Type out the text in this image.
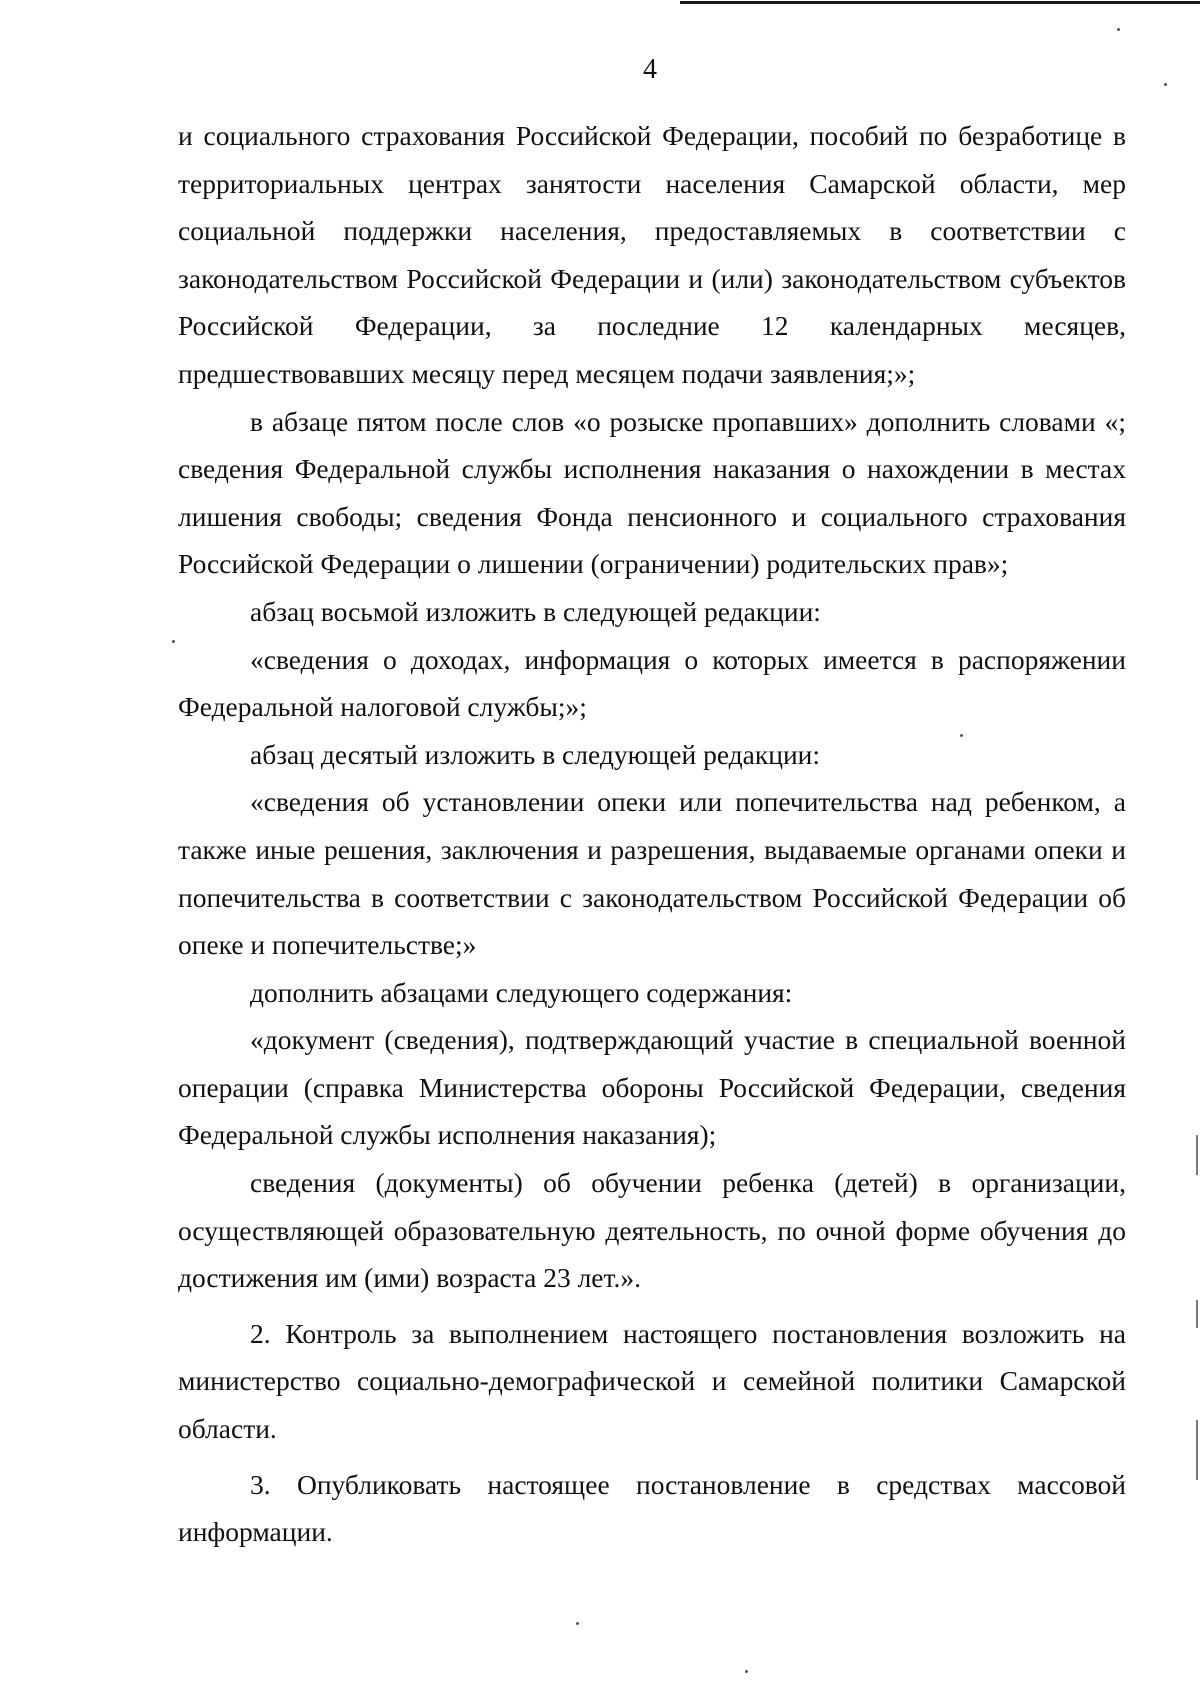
4

и социального страхования Российской Федерации, пособий по безработице в территориальных центрах занятости населения Самарской области, мер социальной поддержки населения, предоставляемых в соответствии с законодательством Российской Федерации и (или) законодательством субъектов Российской Федерации, за последние 12 календарных месяцев, предшествовавших месяцу перед месяцем подачи заявления;»;

в абзаце пятом после слов «о розыске пропавших» дополнить словами «; сведения Федеральной службы исполнения наказания о нахождении в местах лишения свободы; сведения Фонда пенсионного и социального страхования Российской Федерации о лишении (ограничении) родительских прав»;

абзац восьмой изложить в следующей редакции:

«сведения о доходах, информация о которых имеется в распоряжении Федеральной налоговой службы;»;

абзац десятый изложить в следующей редакции:

«сведения об установлении опеки или попечительства над ребенком, а также иные решения, заключения и разрешения, выдаваемые органами опеки и попечительства в соответствии с законодательством Российской Федерации об опеке и попечительстве;»

дополнить абзацами следующего содержания:

«документ (сведения), подтверждающий участие в специальной военной операции (справка Министерства обороны Российской Федерации, сведения Федеральной службы исполнения наказания);

сведения (документы) об обучении ребенка (детей) в организации, осуществляющей образовательную деятельность, по очной форме обучения до достижения им (ими) возраста 23 лет.».

2. Контроль за выполнением настоящего постановления возложить на министерство социально-демографической и семейной политики Самарской области.

3. Опубликовать настоящее постановление в средствах массовой информации.
